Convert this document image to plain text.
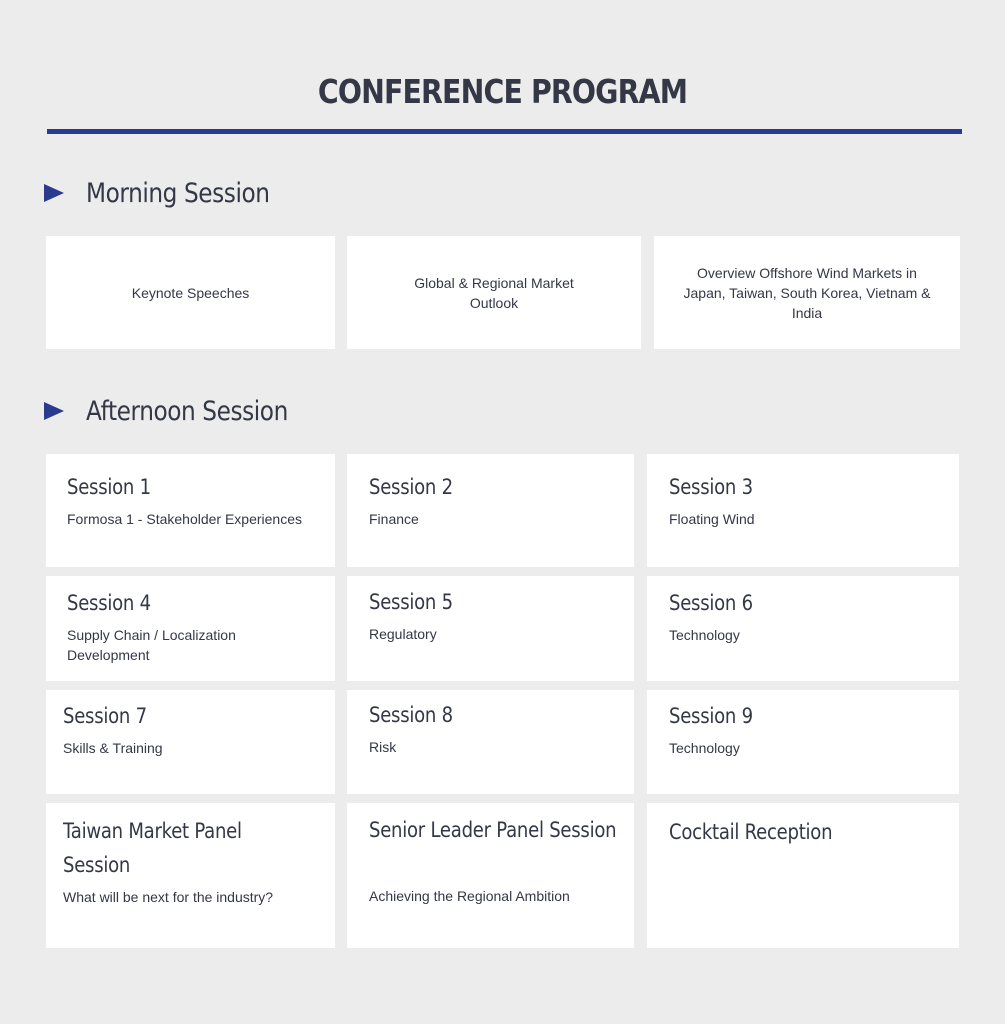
CONFERENCE PROGRAM
Morning Session
Keynote Speeches
Global & Regional Market Outlook
Overview Offshore Wind Markets in Japan, Taiwan, South Korea, Vietnam & India
Afternoon Session
Session 1
Formosa 1 - Stakeholder Experiences
Session 2
Finance
Session 3
Floating Wind
Session 4
Supply Chain / Localization Development
Session 5
Regulatory
Session 6
Technology
Session 7
Skills & Training
Session 8
Risk
Session 9
Technology
Taiwan Market Panel Session
What will be next for the industry?
Senior Leader Panel Session
Achieving the Regional Ambition
Cocktail Reception
